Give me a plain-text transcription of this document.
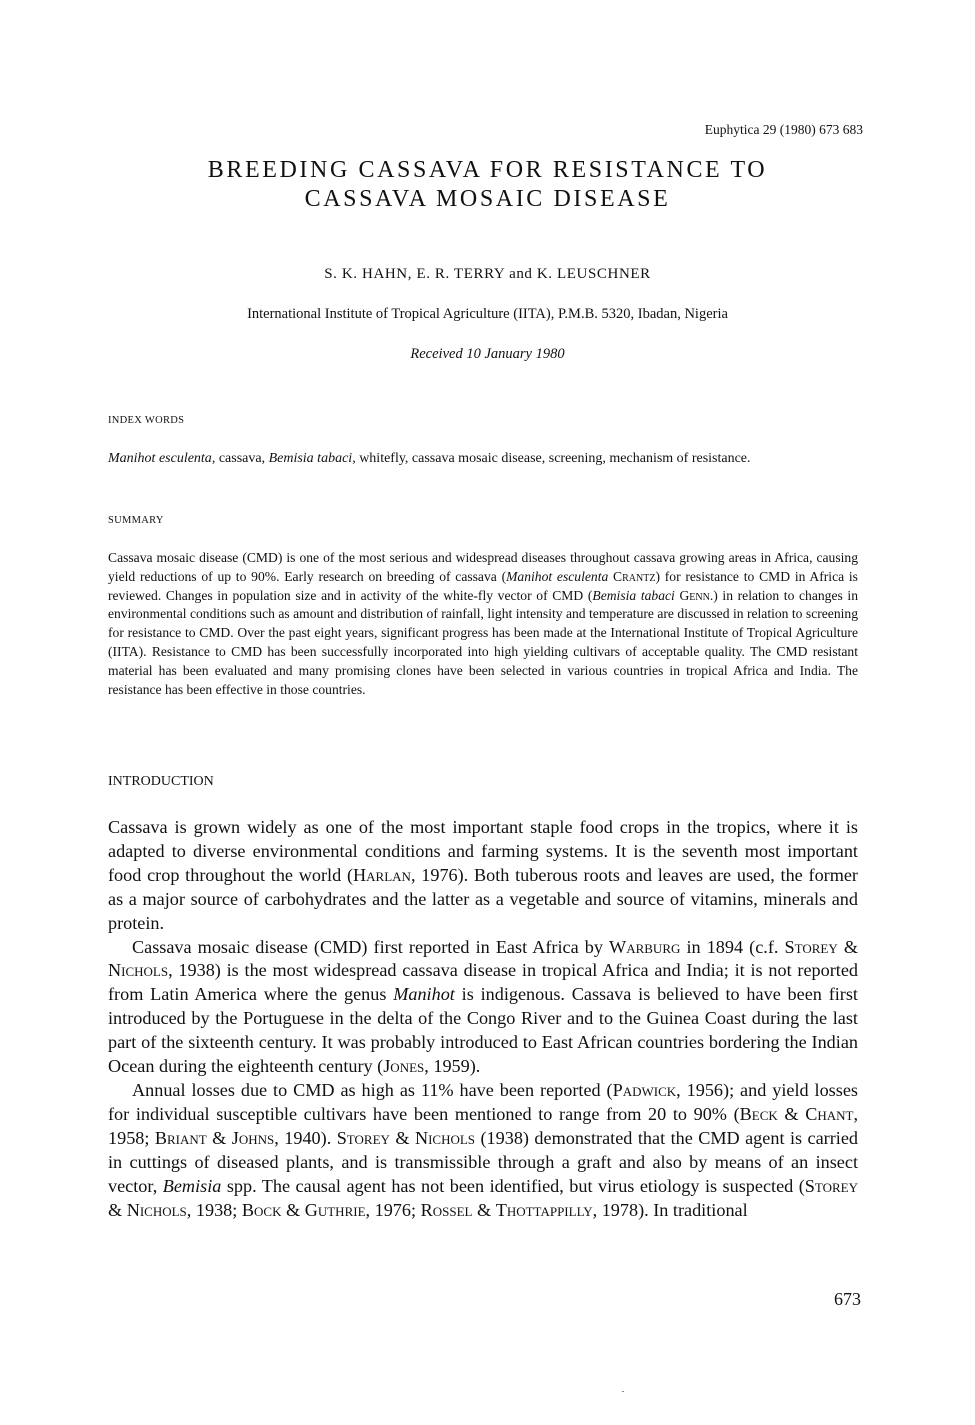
Euphytica 29 (1980) 673 683
BREEDING CASSAVA FOR RESISTANCE TO
CASSAVA MOSAIC DISEASE
S. K. HAHN, E. R. TERRY and K. LEUSCHNER
International Institute of Tropical Agriculture (IITA), P.M.B. 5320, Ibadan, Nigeria
Received 10 January 1980
INDEX WORDS
Manihot esculenta, cassava, Bemisia tabaci, whitefly, cassava mosaic disease, screening, mechanism of resistance.
SUMMARY
Cassava mosaic disease (CMD) is one of the most serious and widespread diseases throughout cassava growing areas in Africa, causing yield reductions of up to 90%. Early research on breeding of cassava (Manihot esculenta Crantz) for resistance to CMD in Africa is reviewed. Changes in population size and in activity of the white-fly vector of CMD (Bemisia tabaci Genn.) in relation to changes in environmental conditions such as amount and distribution of rainfall, light intensity and temperature are discussed in relation to screening for resistance to CMD. Over the past eight years, significant progress has been made at the International Institute of Tropical Agriculture (IITA). Resistance to CMD has been successfully incorporated into high yielding cultivars of acceptable quality. The CMD resistant material has been evaluated and many promising clones have been selected in various countries in tropical Africa and India. The resistance has been effective in those countries.
INTRODUCTION

Cassava is grown widely as one of the most important staple food crops in the tropics, where it is adapted to diverse environmental conditions and farming systems. It is the seventh most important food crop throughout the world (Harlan, 1976). Both tuberous roots and leaves are used, the former as a major source of carbohydrates and the latter as a vegetable and source of vitamins, minerals and protein.

Cassava mosaic disease (CMD) first reported in East Africa by Warburg in 1894 (c.f. Storey & Nichols, 1938) is the most widespread cassava disease in tropical Africa and India; it is not reported from Latin America where the genus Manihot is indigenous. Cassava is believed to have been first introduced by the Portuguese in the delta of the Congo River and to the Guinea Coast during the last part of the sixteenth century. It was probably introduced to East African countries bordering the Indian Ocean during the eighteenth century (Jones, 1959).

Annual losses due to CMD as high as 11% have been reported (Padwick, 1956); and yield losses for individual susceptible cultivars have been mentioned to range from 20 to 90% (Beck & Chant, 1958; Briant & Johns, 1940). Storey & Nichols (1938) demonstrated that the CMD agent is carried in cuttings of diseased plants, and is transmissible through a graft and also by means of an insect vector, Bemisia spp. The causal agent has not been identified, but virus etiology is suspected (Storey & Nichols, 1938; Bock & Guthrie, 1976; Rossel & Thottappilly, 1978). In traditional

673
